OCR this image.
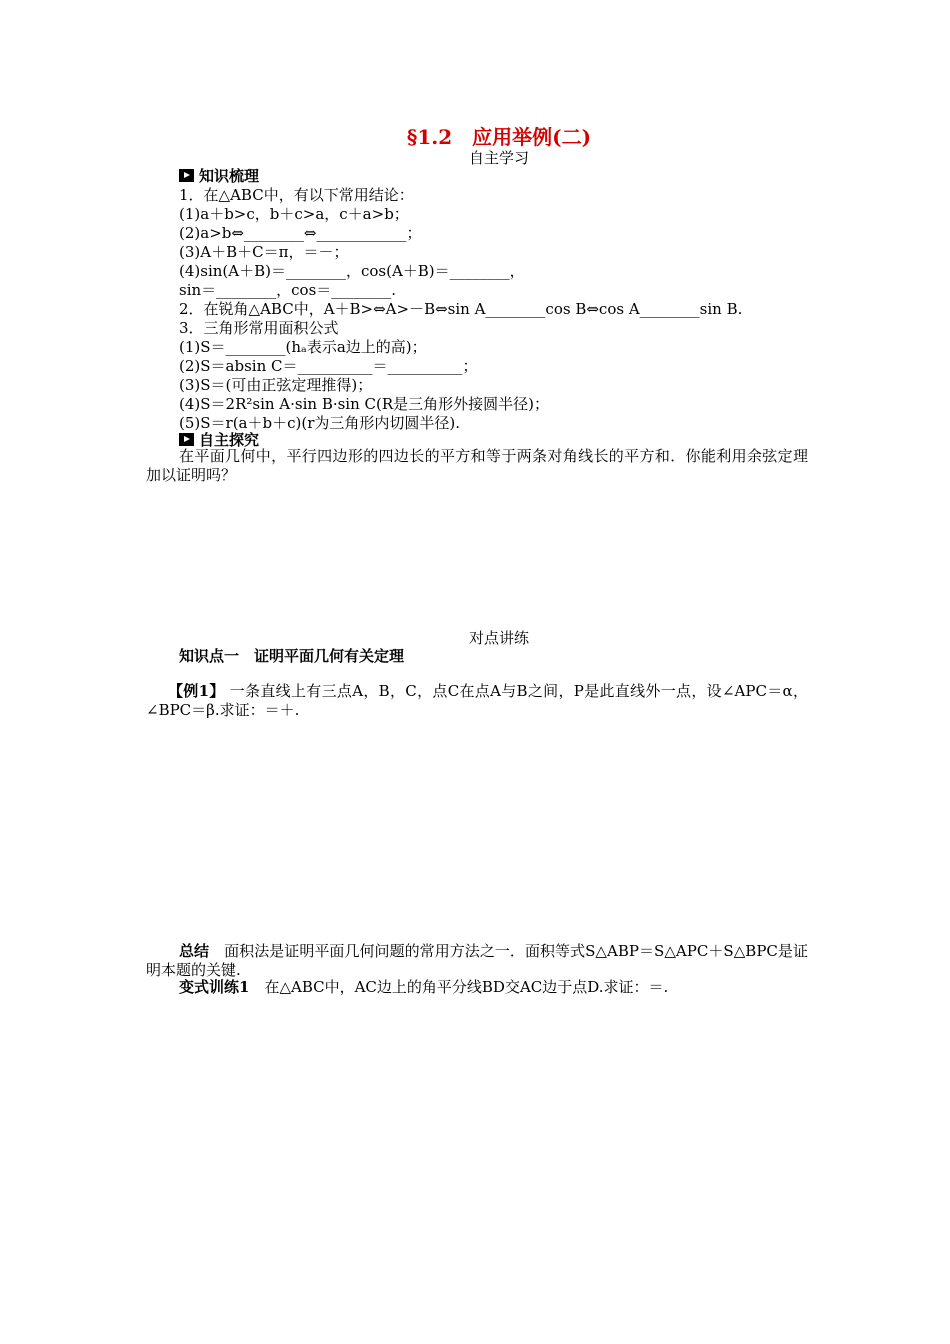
§1.2　应用举例(二)
自主学习
知识梳理
1．在△ABC中，有以下常用结论：
(1)a＋b>c，b＋c>a，c＋a>b；
(2)a>b⇔________⇔____________；
(3)A＋B＋C＝π，＝－；
(4)sin(A＋B)＝________，cos(A＋B)＝________，
sin＝________，cos＝________.
2．在锐角△ABC中，A＋B>⇔A>－B⇔sin A________cos B⇔cos A________sin B.
3．三角形常用面积公式
(1)S＝________(hₐ表示a边上的高)；
(2)S＝absin C＝__________＝__________；
(3)S＝(可由正弦定理推得)；
(4)S＝2R²sin A·sin B·sin C(R是三角形外接圆半径)；
(5)S＝r(a＋b＋c)(r为三角形内切圆半径).
自主探究
在平面几何中，平行四边形的四边长的平方和等于两条对角线长的平方和．你能利用余弦定理加以证明吗？
对点讲练
知识点一　证明平面几何有关定理
【例1】 一条直线上有三点A，B，C，点C在点A与B之间，P是此直线外一点，设∠APC＝α，∠BPC＝β.求证：＝＋.
总结　 面积法是证明平面几何问题的常用方法之一．面积等式S△ABP＝S△APC＋S△BPC是证明本题的关键.
变式训练1　 在△ABC中，AC边上的角平分线BD交AC边于点D.求证：＝.
